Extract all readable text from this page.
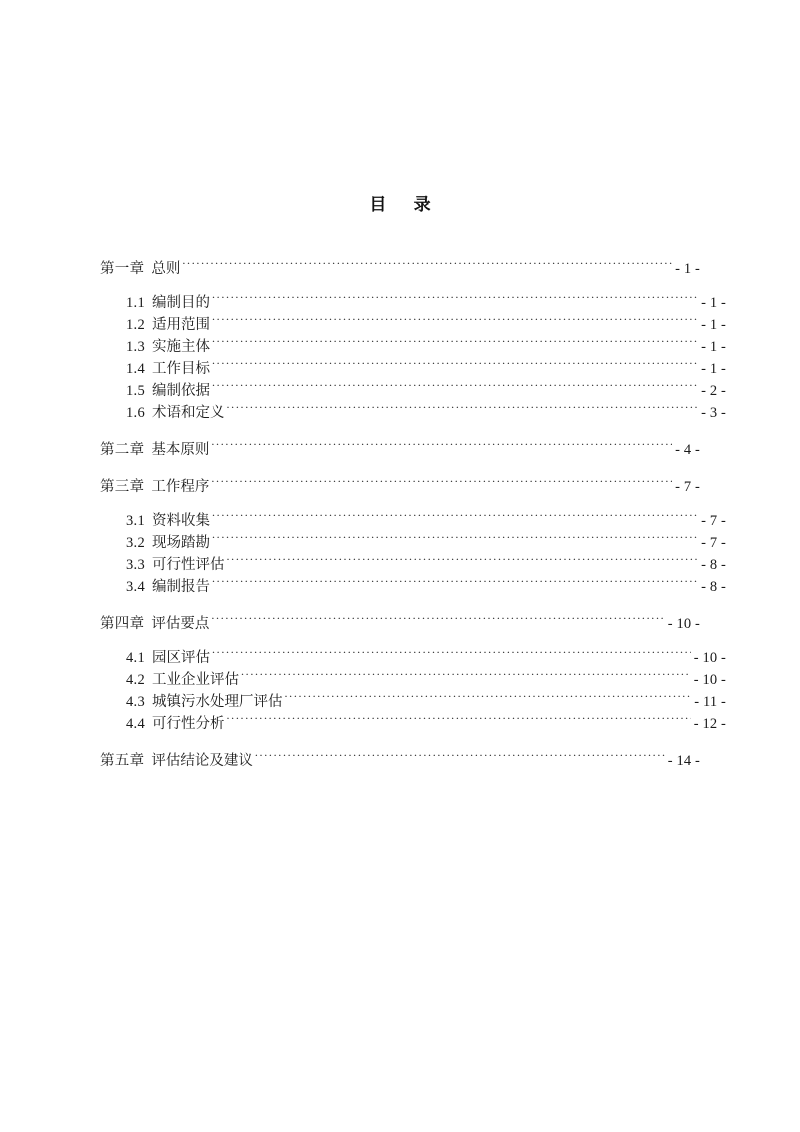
目　录
第一章 总则 . . .	- 1 -
1.1 编制目的 . . .	- 1 -
1.2 适用范围 . . .	- 1 -
1.3 实施主体 . . .	- 1 -
1.4 工作目标 . . .	- 1 -
1.5 编制依据 . . .	- 2 -
1.6 术语和定义 . . .	- 3 -
第二章 基本原则 . . .	- 4 -
第三章 工作程序 . . .	- 7 -
3.1 资料收集 . . .	- 7 -
3.2 现场踏勘 . . .	- 7 -
3.3 可行性评估 . . .	- 8 -
3.4 编制报告 . . .	- 8 -
第四章 评估要点 . . .	- 10 -
4.1 园区评估 . . .	- 10 -
4.2 工业企业评估 . . .	- 10 -
4.3 城镇污水处理厂评估 . . .	- 11 -
4.4 可行性分析 . . .	- 12 -
第五章 评估结论及建议 . . .	- 14 -
